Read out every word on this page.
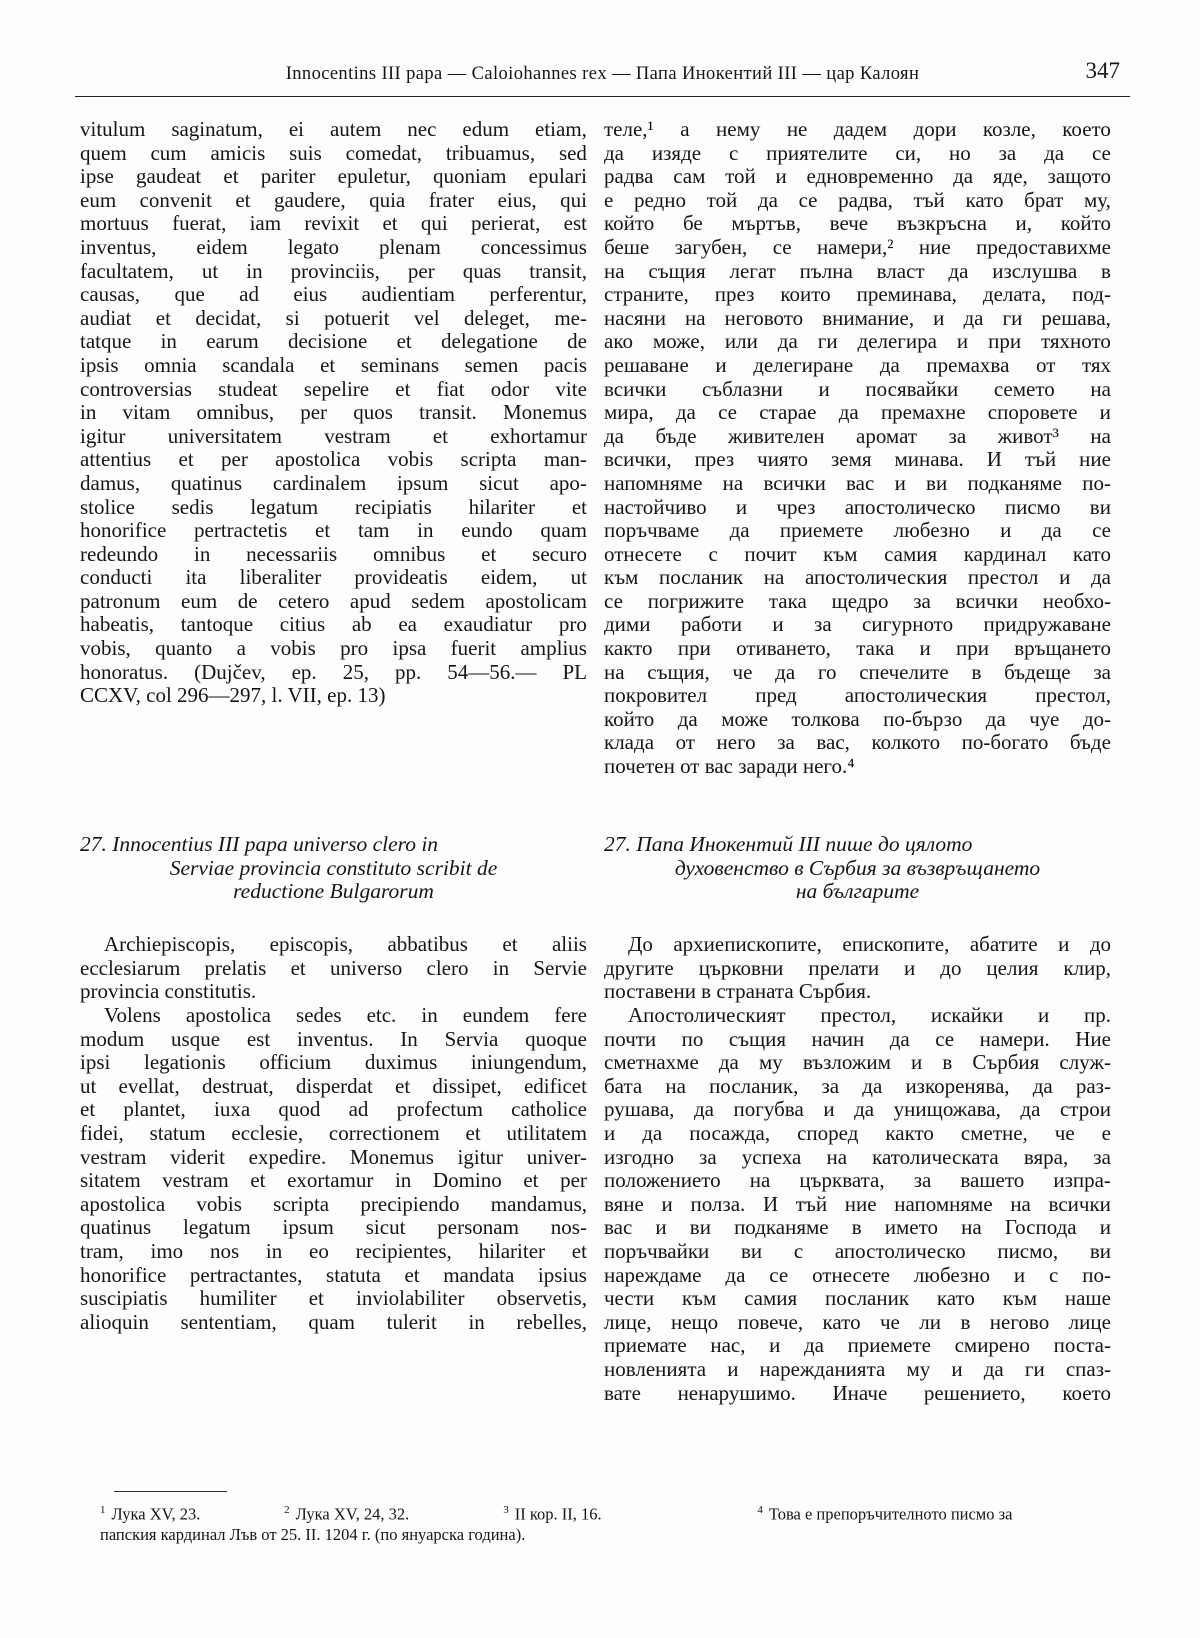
Innocentins III papa — Caloiohannes rex — Папа Инокентий III — цар Калоян	347
vitulum saginatum, ei autem nec edum etiam,
quem cum amicis suis comedat, tribuamus, sed
ipse gaudeat et pariter epuletur, quoniam epulari
eum convenit et gaudere, quia frater eius, qui
mortuus fuerat, iam revixit et qui perierat, est
inventus, eidem legato plenam concessimus
facultatem, ut in provinciis, per quas transit,
causas, que ad eius audientiam perferentur,
audiat et decidat, si potuerit vel deleget, me-
tatque in earum decisione et delegatione de
ipsis omnia scandala et seminans semen pacis
controversias studeat sepelire et fiat odor vite
in vitam omnibus, per quos transit. Monemus
igitur universitatem vestram et exhortamur
attentius et per apostolica vobis scripta man-
damus, quatinus cardinalem ipsum sicut apo-
stolice sedis legatum recipiatis hilariter et
honorifice pertractetis et tam in eundo quam
redeundo in necessariis omnibus et securo
conducti ita liberaliter provideatis eidem, ut
patronum eum de cetero apud sedem apostolicam
habeatis, tantoque citius ab ea exaudiatur pro
vobis, quanto a vobis pro ipsa fuerit amplius
honoratus. (Dujčev, ep. 25, pp. 54—56.— PL
CCXV, col 296—297, l. VII, ep. 13)
теле,¹ а нему не дадем дори козле, което
да изяде с приятелите си, но за да се
радва сам той и едновременно да яде, защото
е редно той да се радва, тъй като брат му,
който бе мъртъв, вече възкръсна и, който
беше загубен, се намери,² ние предоставихме
на същия легат пълна власт да изслушва в
страните, през които преминава, делата, под-
насяни на неговото внимание, и да ги решава,
ако може, или да ги делегира и при тяхното
решаване и делегиране да премахва от тях
всички съблазни и посявайки семето на
мира, да се старае да премахне споровете и
да бъде живителен аромат за живот³ на
всички, през чиято земя минава. И тъй ние
напомняме на всички вас и ви подканяме по-
настойчиво и чрез апостолическо писмо ви
поръчваме да приемете любезно и да се
отнесете с почит към самия кардинал като
към посланик на апостолическия престол и да
се погрижите така щедро за всички необхо-
дими работи и за сигурното придружаване
както при отиването, така и при връщането
на същия, че да го спечелите в бъдеще за
покровител пред апостолическия престол,
който да може толкова по-бързо да чуе до-
клада от него за вас, колкото по-богато бъде
почетен от вас заради него.⁴
27. Innocentius III papa universo clero in
Serviae provincia constituto scribit de
reductione Bulgarorum
27. Папа Инокентий III пише до цялото
духовенство в Сърбия за възвръщането
на българите
Archiepiscopis, episcopis, abbatibus et aliis
ecclesiarum prelatis et universo clero in Servie
provincia constitutis.
Volens apostolica sedes etc. in eundem fere
modum usque est inventus. In Servia quoque
ipsi legationis officium duximus iniungendum,
ut evellat, destruat, disperdat et dissipet, edificet
et plantet, iuxa quod ad profectum catholice
fidei, statum ecclesie, correctionem et utilitatem
vestram viderit expedire. Monemus igitur univer-
sitatem vestram et exortamur in Domino et per
apostolica vobis scripta precipiendo mandamus,
quatinus legatum ipsum sicut personam nos-
tram, imo nos in eo recipientes, hilariter et
honorifice pertractantes, statuta et mandata ipsius
suscipiatis humiliter et inviolabiliter observetis,
alioquin sententiam, quam tulerit in rebelles,
До архиепископите, епископите, абатите и до
другите църковни прелати и до целия клир,
поставени в страната Сърбия.
Апостолическият престол, искайки и пр.
почти по същия начин да се намери. Ние
сметнахме да му възложим и в Сърбия служ-
бата на посланик, за да изкоренява, да раз-
рушава, да погубва и да унищожава, да строи
и да посажда, според както сметне, че е
изгодно за успеха на католическата вяра, за
положението на църквата, за вашето изпра-
вяне и полза. И тъй ние напомняме на всички
вас и ви подканяме в името на Господа и
поръчвайки ви с апостолическо писмо, ви
нареждаме да се отнесете любезно и с по-
чести към самия посланик като към наше
лице, нещо повече, като че ли в негово лице
приемате нас, и да приемете смирено поста-
новленията и нарежданията му и да ги спаз-
вате ненарушимо. Иначе решението, което
$^1$ Лука XV, 23.	$^2$ Лука XV, 24, 32.	$^3$ II кор. II, 16.	$^4$ Това е препоръчителното писмо за
папския кардинал Лъв от 25. II. 1204 г. (по януарска година).
